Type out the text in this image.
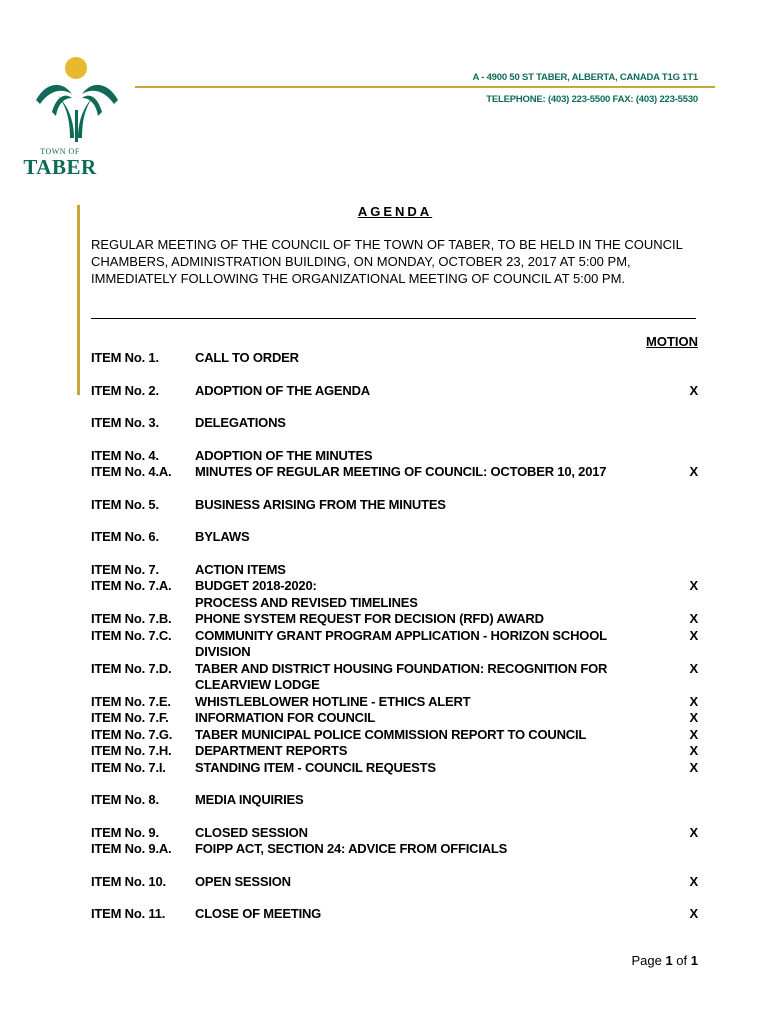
TOWN OF
TABER
A - 4900 50 ST TABER, ALBERTA, CANADA T1G 1T1
TELEPHONE: (403) 223-5500 FAX: (403) 223-5530
AGENDA
REGULAR MEETING OF THE COUNCIL OF THE TOWN OF TABER, TO BE HELD IN THE COUNCIL CHAMBERS, ADMINISTRATION BUILDING, ON MONDAY, OCTOBER 23, 2017 AT 5:00 PM, IMMEDIATELY FOLLOWING THE ORGANIZATIONAL MEETING OF COUNCIL AT 5:00 PM.
MOTION
ITEM No. 1.	CALL TO ORDER
ITEM No. 2.	ADOPTION OF THE AGENDA	X
ITEM No. 3.	DELEGATIONS
ITEM No. 4.	ADOPTION OF THE MINUTES
ITEM No. 4.A.	MINUTES OF REGULAR MEETING OF COUNCIL: OCTOBER 10, 2017	X
ITEM No. 5.	BUSINESS ARISING FROM THE MINUTES
ITEM No. 6.	BYLAWS
ITEM No. 7.	ACTION ITEMS
ITEM No. 7.A.	BUDGET 2018-2020:	X
PROCESS AND REVISED TIMELINES
ITEM No. 7.B.	PHONE SYSTEM REQUEST FOR DECISION (RFD) AWARD	X
ITEM No. 7.C.	COMMUNITY GRANT PROGRAM APPLICATION - HORIZON SCHOOL	X
DIVISION
ITEM No. 7.D.	TABER AND DISTRICT HOUSING FOUNDATION: RECOGNITION FOR	X
CLEARVIEW LODGE
ITEM No. 7.E.	WHISTLEBLOWER HOTLINE - ETHICS ALERT	X
ITEM No. 7.F.	INFORMATION FOR COUNCIL	X
ITEM No. 7.G.	TABER MUNICIPAL POLICE COMMISSION REPORT TO COUNCIL	X
ITEM No. 7.H.	DEPARTMENT REPORTS	X
ITEM No. 7.I.	STANDING ITEM - COUNCIL REQUESTS	X
ITEM No. 8.	MEDIA INQUIRIES
ITEM No. 9.	CLOSED SESSION	X
ITEM No. 9.A.	FOIPP ACT, SECTION 24: ADVICE FROM OFFICIALS
ITEM No. 10.	OPEN SESSION	X
ITEM No. 11.	CLOSE OF MEETING	X
Page 1 of 1
